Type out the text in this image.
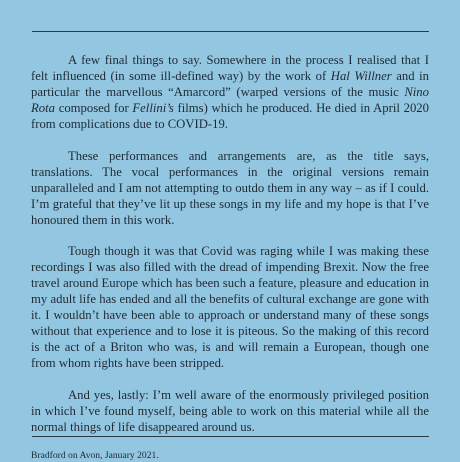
A few final things to say. Somewhere in the process I realised that I felt influenced (in some ill-defined way) by the work of Hal Willner and in particular the marvellous “Amarcord” (warped versions of the music Nino Rota composed for Fellini’s films) which he produced. He died in April 2020 from complications due to COVID-19.

These performances and arrangements are, as the title says, translations. The vocal performances in the original versions remain unparalleled and I am not attempting to outdo them in any way – as if I could. I’m grateful that they’ve lit up these songs in my life and my hope is that I’ve honoured them in this work.

Tough though it was that Covid was raging while I was making these recordings I was also filled with the dread of impending Brexit. Now the free travel around Europe which has been such a feature, pleasure and education in my adult life has ended and all the benefits of cultural exchange are gone with it. I wouldn’t have been able to approach or understand many of these songs without that experience and to lose it is piteous. So the making of this record is the act of a Briton who was, is and will remain a European, though one from whom rights have been stripped.

And yes, lastly: I’m well aware of the enormously privileged position in which I’ve found myself, being able to work on this material while all the normal things of life disappeared around us.

Bradford on Avon, January 2021.
